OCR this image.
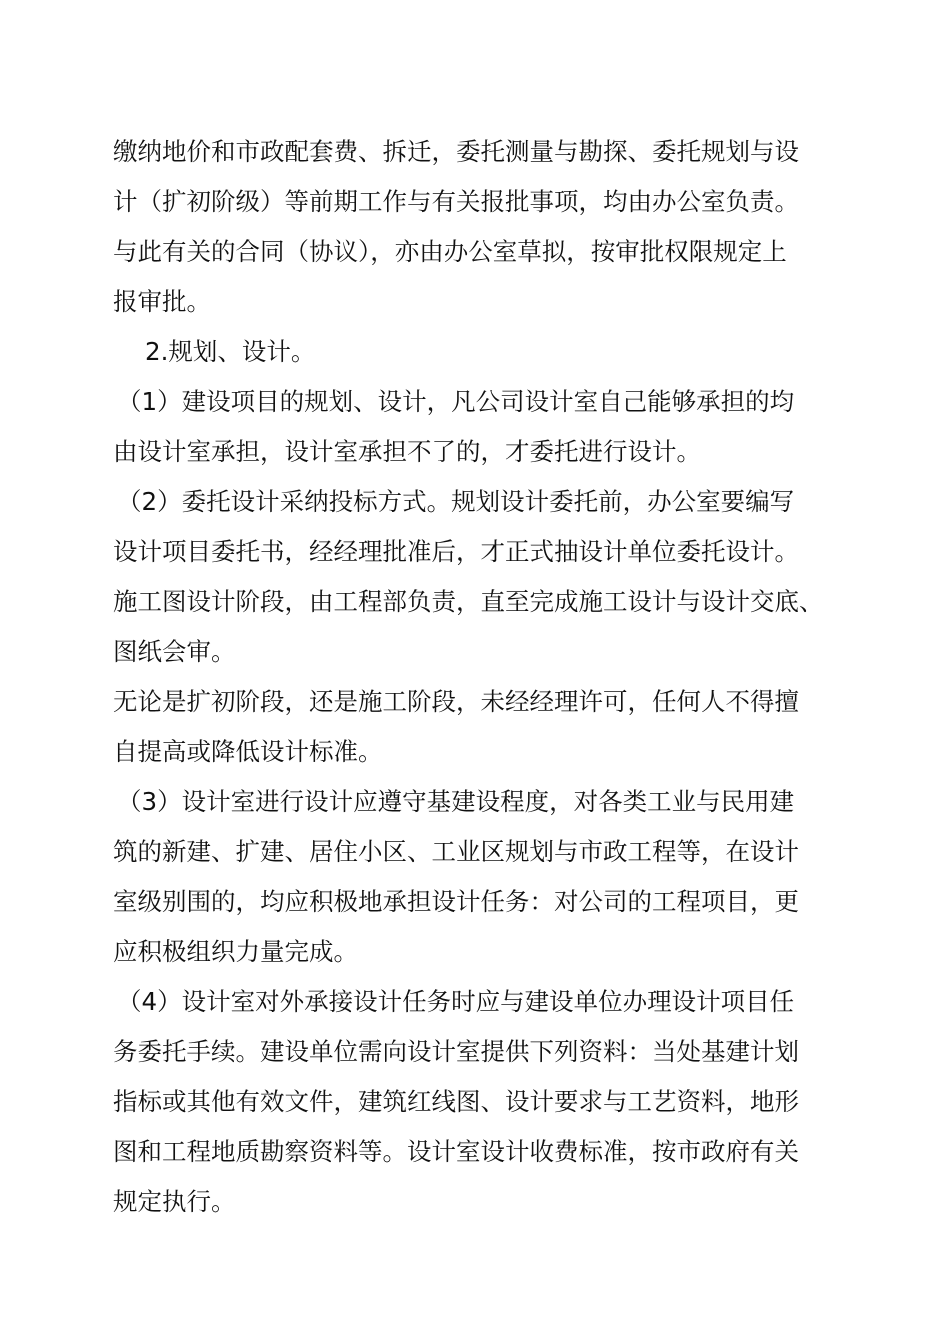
缴纳地价和市政配套费、拆迁，委托测量与勘探、委托规划与设
计（扩初阶级）等前期工作与有关报批事项，均由办公室负责。
与此有关的合同（协议），亦由办公室草拟，按审批权限规定上
报审批。
2.规划、设计。
（1）建设项目的规划、设计，凡公司设计室自己能够承担的均
由设计室承担，设计室承担不了的，才委托进行设计。
（2）委托设计采纳投标方式。规划设计委托前，办公室要编写
设计项目委托书，经经理批准后，才正式抽设计单位委托设计。
施工图设计阶段，由工程部负责，直至完成施工设计与设计交底、
图纸会审。
无论是扩初阶段，还是施工阶段，未经经理许可，任何人不得擅
自提高或降低设计标准。
（3）设计室进行设计应遵守基建设程度，对各类工业与民用建
筑的新建、扩建、居住小区、工业区规划与市政工程等，在设计
室级别围的，均应积极地承担设计任务：对公司的工程项目，更
应积极组织力量完成。
（4）设计室对外承接设计任务时应与建设单位办理设计项目任
务委托手续。建设单位需向设计室提供下列资料：当处基建计划
指标或其他有效文件，建筑红线图、设计要求与工艺资料，地形
图和工程地质勘察资料等。设计室设计收费标准，按市政府有关
规定执行。
